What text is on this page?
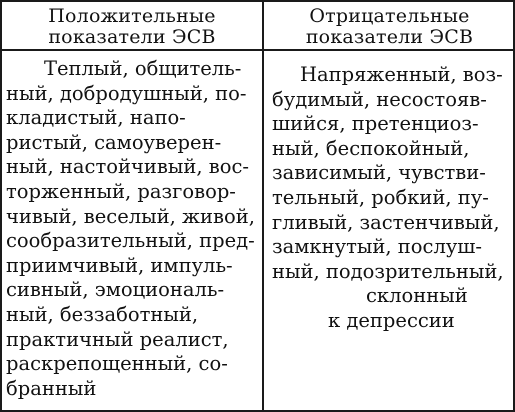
Положительные
показатели ЭСВ
Отрицательные
показатели ЭСВ
Теплый, общитель-
ный, добродушный, по-
кладистый, напо-
ристый, самоуверен-
ный, настойчивый, вос-
торженный, разговор-
чивый, веселый, живой,
сообразительный, пред-
приимчивый, импуль-
сивный, эмоциональ-
ный, беззаботный,
практичный реалист,
раскрепощенный, со-
бранный
Напряженный, воз-
будимый, несостояв-
шийся, претенциоз-
ный, беспокойный,
зависимый, чувстви-
тельный, робкий, пу-
гливый, застенчивый,
замкнутый, послуш-
ный, подозрительный,
склонный
к депрессии
